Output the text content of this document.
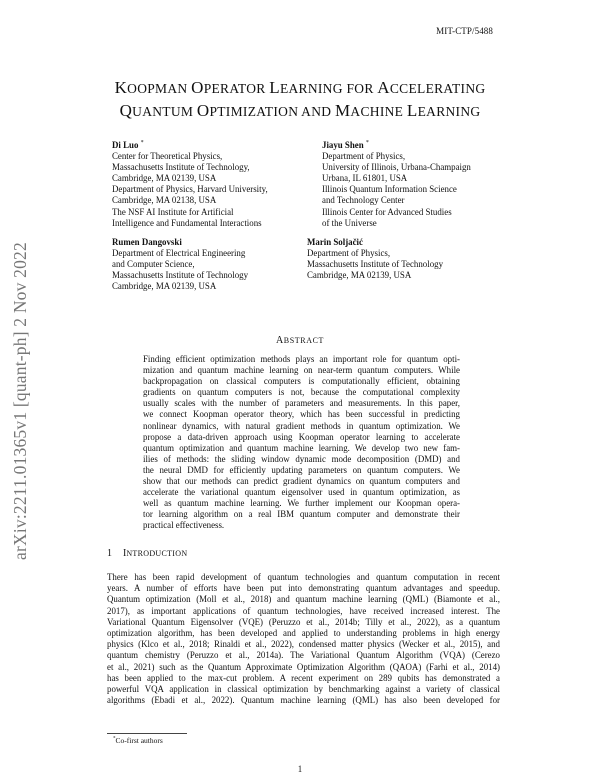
MIT-CTP/5488
KOOPMAN OPERATOR LEARNING FOR ACCELERATING
QUANTUM OPTIMIZATION AND MACHINE LEARNING
arXiv:2211.01365v1 [quant-ph] 2 Nov 2022
Di Luo *
Center for Theoretical Physics,
Massachusetts Institute of Technology,
Cambridge, MA 02139, USA
Department of Physics, Harvard University,
Cambridge, MA 02138, USA
The NSF AI Institute for Artificial
Intelligence and Fundamental Interactions
Jiayu Shen *
Department of Physics,
University of Illinois, Urbana-Champaign
Urbana, IL 61801, USA
Illinois Quantum Information Science
and Technology Center
Illinois Center for Advanced Studies
of the Universe
Rumen Dangovski
Department of Electrical Engineering
and Computer Science,
Massachusetts Institute of Technology
Cambridge, MA 02139, USA
Marin Soljačić
Department of Physics,
Massachusetts Institute of Technology
Cambridge, MA 02139, USA
ABSTRACT
Finding efficient optimization methods plays an important role for quantum opti-
mization and quantum machine learning on near-term quantum computers. While
backpropagation on classical computers is computationally efficient, obtaining
gradients on quantum computers is not, because the computational complexity
usually scales with the number of parameters and measurements. In this paper,
we connect Koopman operator theory, which has been successful in predicting
nonlinear dynamics, with natural gradient methods in quantum optimization. We
propose a data-driven approach using Koopman operator learning to accelerate
quantum optimization and quantum machine learning. We develop two new fam-
ilies of methods: the sliding window dynamic mode decomposition (DMD) and
the neural DMD for efficiently updating parameters on quantum computers. We
show that our methods can predict gradient dynamics on quantum computers and
accelerate the variational quantum eigensolver used in quantum optimization, as
well as quantum machine learning. We further implement our Koopman opera-
tor learning algorithm on a real IBM quantum computer and demonstrate their
practical effectiveness.
1 INTRODUCTION
There has been rapid development of quantum technologies and quantum computation in recent
years. A number of efforts have been put into demonstrating quantum advantages and speedup.
Quantum optimization (Moll et al., 2018) and quantum machine learning (QML) (Biamonte et al.,
2017), as important applications of quantum technologies, have received increased interest. The
Variational Quantum Eigensolver (VQE) (Peruzzo et al., 2014b; Tilly et al., 2022), as a quantum
optimization algorithm, has been developed and applied to understanding problems in high energy
physics (Klco et al., 2018; Rinaldi et al., 2022), condensed matter physics (Wecker et al., 2015), and
quantum chemistry (Peruzzo et al., 2014a). The Variational Quantum Algorithm (VQA) (Cerezo
et al., 2021) such as the Quantum Approximate Optimization Algorithm (QAOA) (Farhi et al., 2014)
has been applied to the max-cut problem. A recent experiment on 289 qubits has demonstrated a
powerful VQA application in classical optimization by benchmarking against a variety of classical
algorithms (Ebadi et al., 2022). Quantum machine learning (QML) has also been developed for
*Co-first authors
1
